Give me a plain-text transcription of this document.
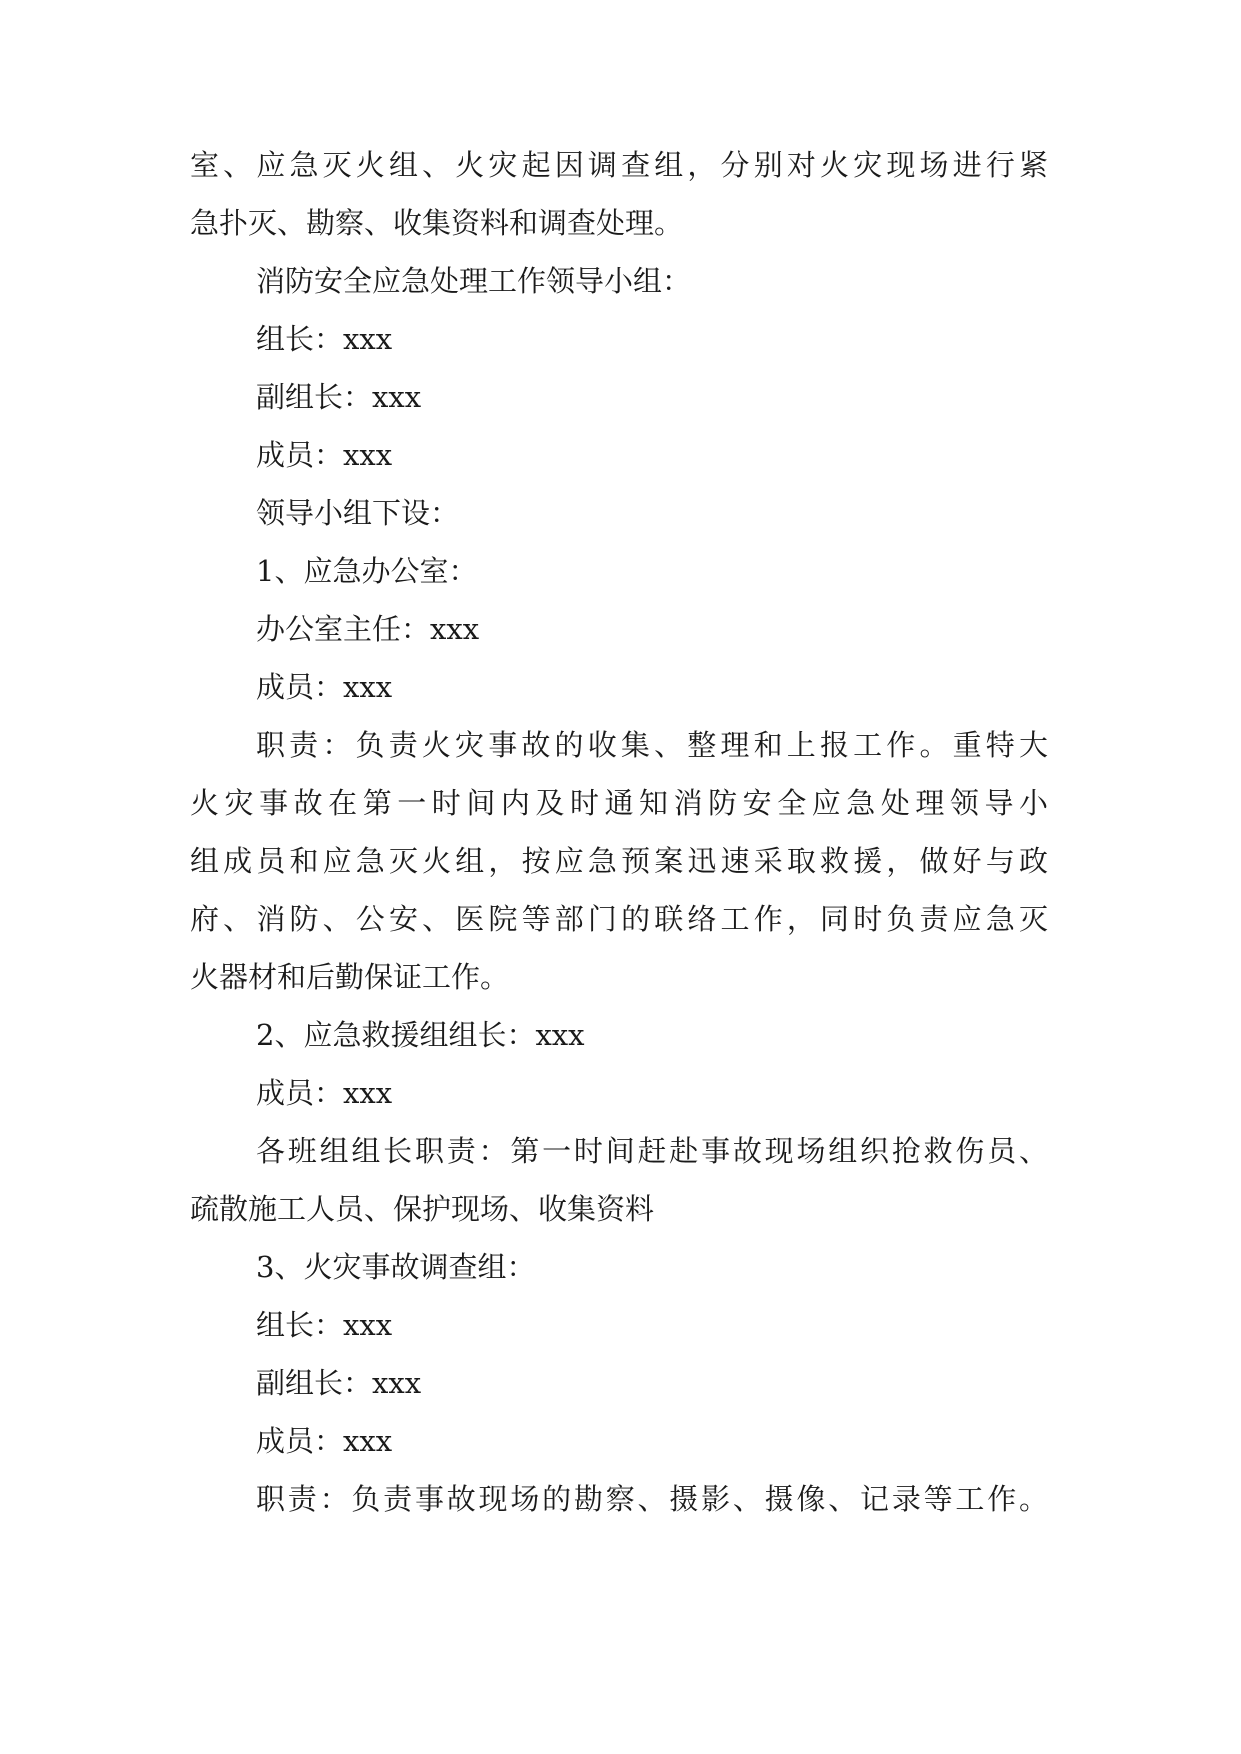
室、应急灭火组、火灾起因调查组，分别对火灾现场进行紧
急扑灭、勘察、收集资料和调查处理。
消防安全应急处理工作领导小组：
组长：xxx
副组长：xxx
成员：xxx
领导小组下设：
1、应急办公室：
办公室主任：xxx
成员：xxx
职责：负责火灾事故的收集、整理和上报工作。重特大
火灾事故在第一时间内及时通知消防安全应急处理领导小
组成员和应急灭火组，按应急预案迅速采取救援，做好与政
府、消防、公安、医院等部门的联络工作，同时负责应急灭
火器材和后勤保证工作。
2、应急救援组组长：xxx
成员：xxx
各班组组长职责：第一时间赶赴事故现场组织抢救伤员、
疏散施工人员、保护现场、收集资料
3、火灾事故调查组：
组长：xxx
副组长：xxx
成员：xxx
职责：负责事故现场的勘察、摄影、摄像、记录等工作。
